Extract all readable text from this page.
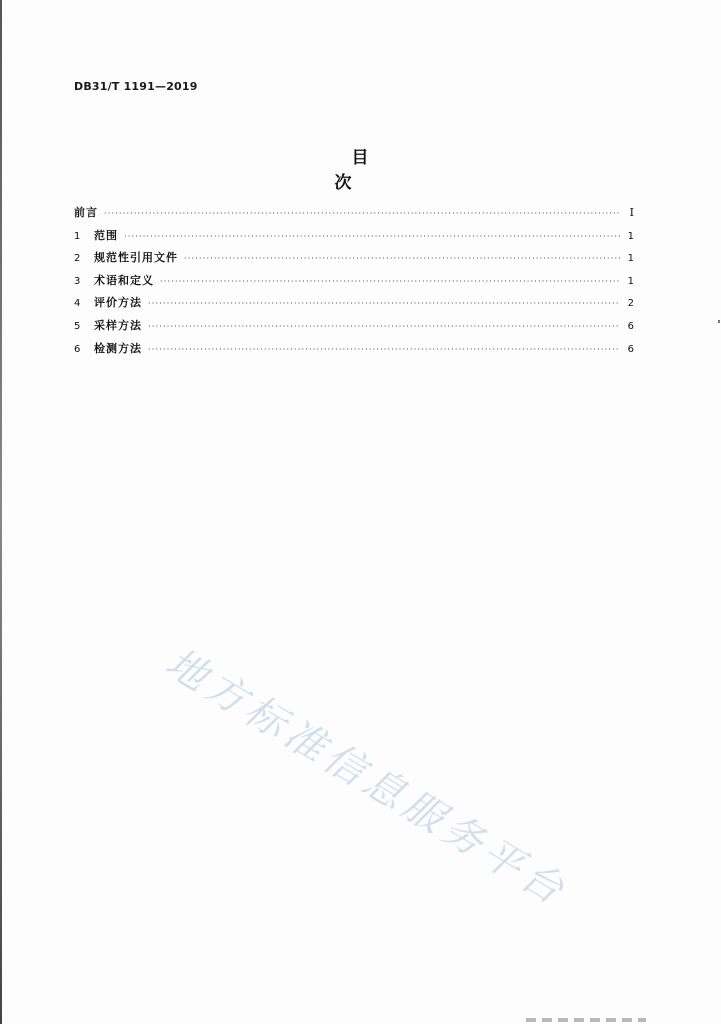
DB31/T 1191—2019
目 次
前言 ·····	I
1	范围 ·····	1
2	规范性引用文件 ·····	1
3	术语和定义 ·····	1
4	评价方法 ·····	2
5	采样方法 ·····	6
6	检测方法 ·····	6
地方标准信息服务平台
